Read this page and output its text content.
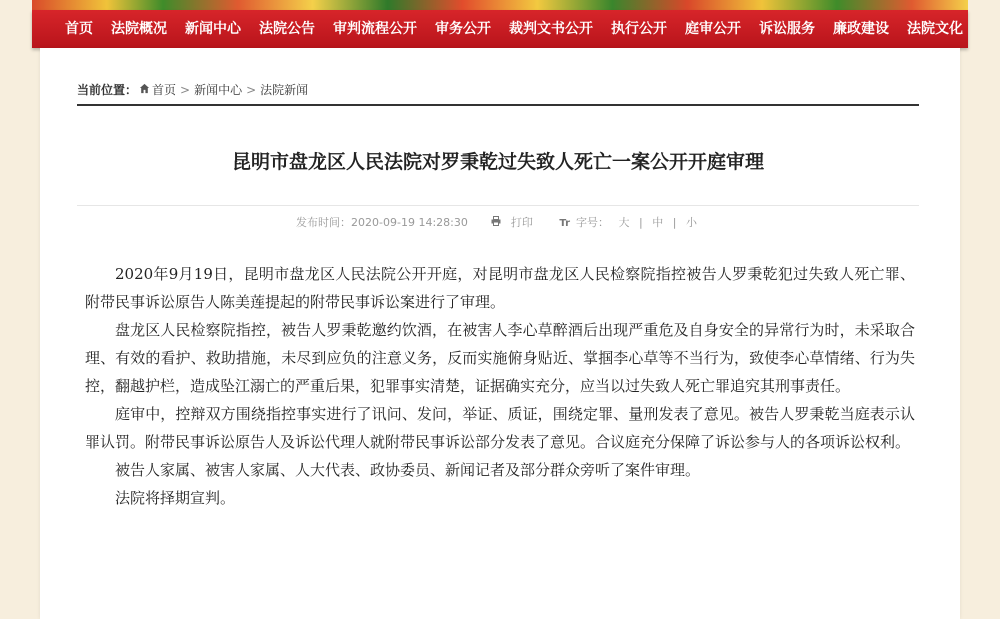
首页	法院概况	新闻中心	法院公告	审判流程公开	审务公开	裁判文书公开	执行公开	庭审公开	诉讼服务	廉政建设	法院文化
当前位置： 首页 > 新闻中心 > 法院新闻
昆明市盘龙区人民法院对罗秉乾过失致人死亡一案公开开庭审理
发布时间：2020-09-19 14:28:30	打印	Tr 字号： 大 | 中 | 小

2020年9月19日，昆明市盘龙区人民法院公开开庭，对昆明市盘龙区人民检察院指控被告人罗秉乾犯过失致人死亡罪、附带民事诉讼原告人陈美莲提起的附带民事诉讼案进行了审理。

盘龙区人民检察院指控，被告人罗秉乾邀约饮酒，在被害人李心草醉酒后出现严重危及自身安全的异常行为时，未采取合理、有效的看护、救助措施，未尽到应负的注意义务，反而实施俯身贴近、掌掴李心草等不当行为，致使李心草情绪、行为失控，翻越护栏，造成坠江溺亡的严重后果，犯罪事实清楚，证据确实充分，应当以过失致人死亡罪追究其刑事责任。

庭审中，控辩双方围绕指控事实进行了讯问、发问，举证、质证，围绕定罪、量刑发表了意见。被告人罗秉乾当庭表示认罪认罚。附带民事诉讼原告人及诉讼代理人就附带民事诉讼部分发表了意见。合议庭充分保障了诉讼参与人的各项诉讼权利。

被告人家属、被害人家属、人大代表、政协委员、新闻记者及部分群众旁听了案件审理。

法院将择期宣判。
